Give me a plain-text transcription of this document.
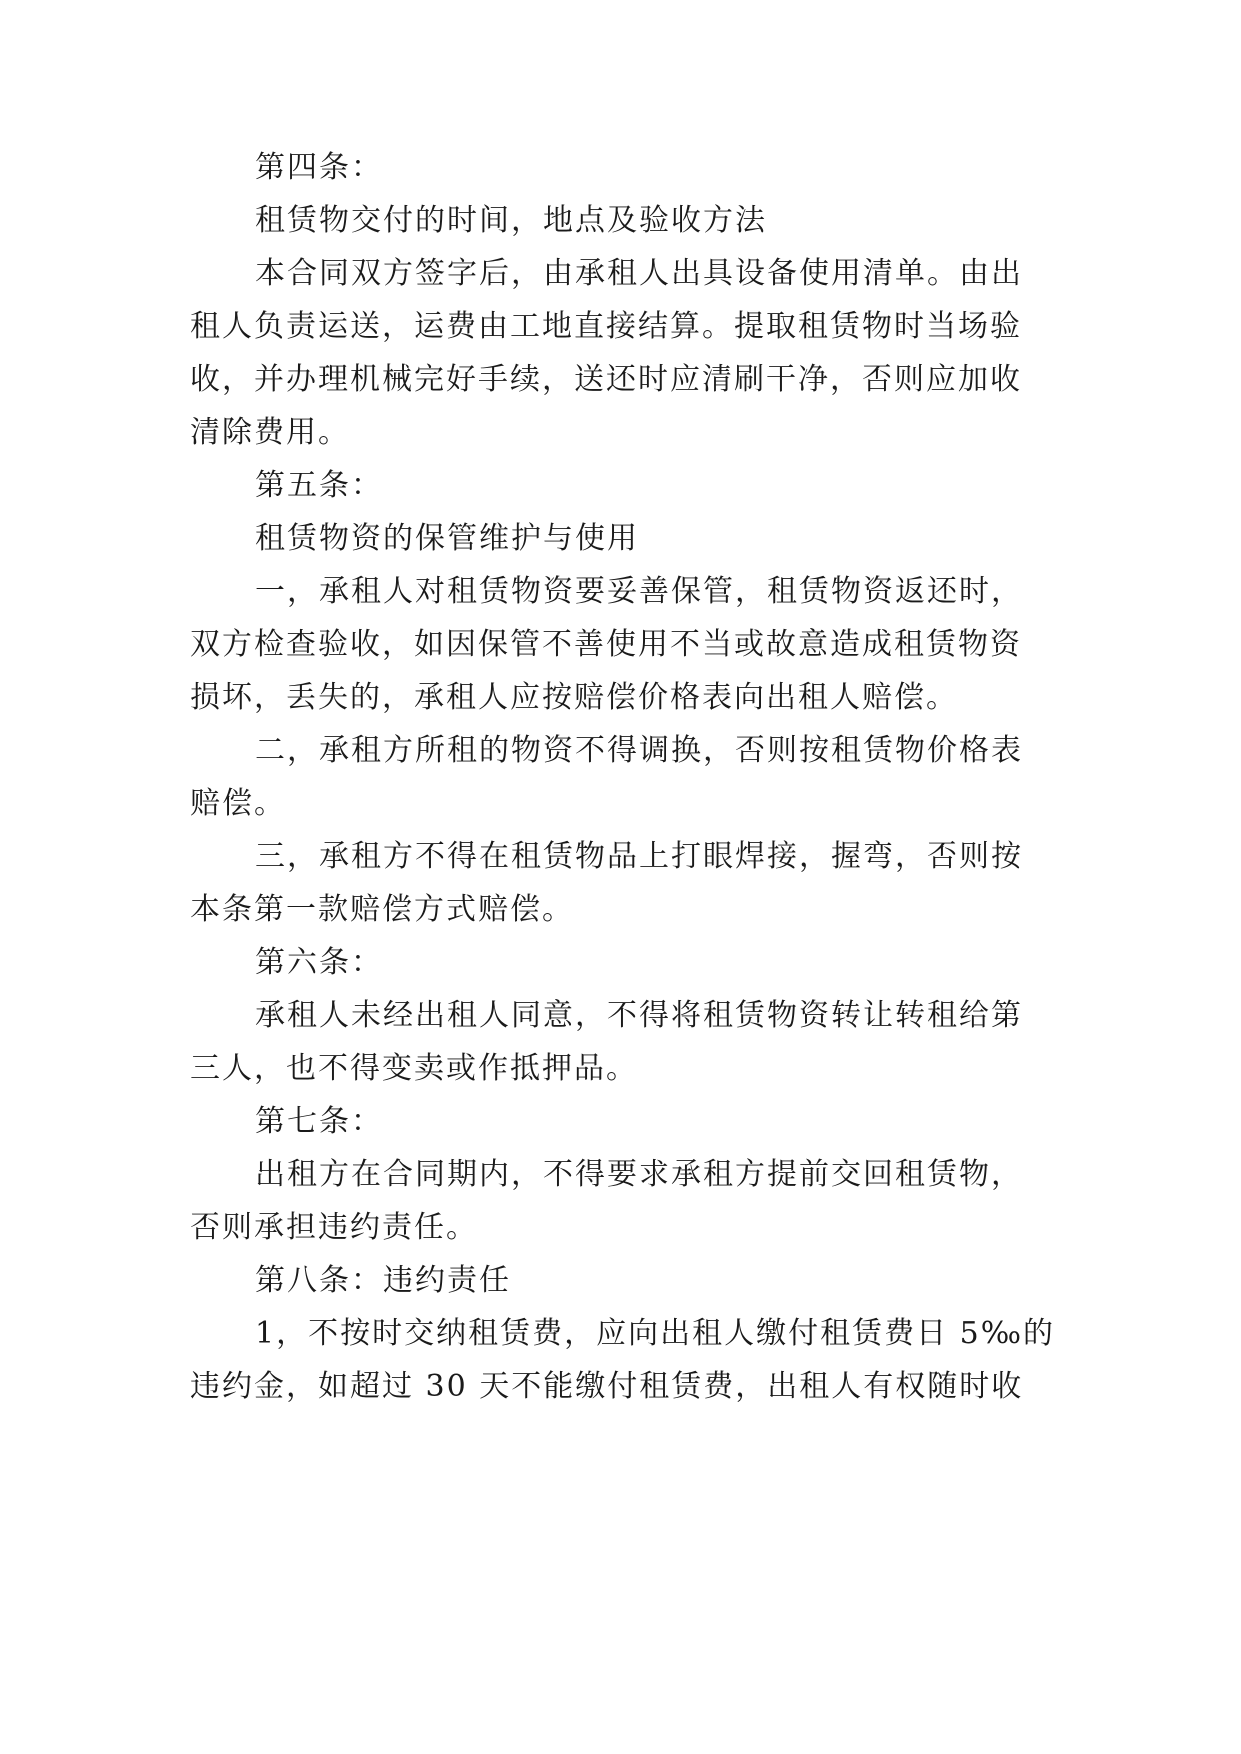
第四条：
租赁物交付的时间，地点及验收方法
本合同双方签字后，由承租人出具设备使用清单。由出
租人负责运送，运费由工地直接结算。提取租赁物时当场验
收，并办理机械完好手续，送还时应清刷干净，否则应加收
清除费用。
第五条：
租赁物资的保管维护与使用
一，承租人对租赁物资要妥善保管，租赁物资返还时，
双方检查验收，如因保管不善使用不当或故意造成租赁物资
损坏，丢失的，承租人应按赔偿价格表向出租人赔偿。
二，承租方所租的物资不得调换，否则按租赁物价格表
赔偿。
三，承租方不得在租赁物品上打眼焊接，握弯，否则按
本条第一款赔偿方式赔偿。
第六条：
承租人未经出租人同意，不得将租赁物资转让转租给第
三人，也不得变卖或作抵押品。
第七条：
出租方在合同期内，不得要求承租方提前交回租赁物，
否则承担违约责任。
第八条：违约责任
1，不按时交纳租赁费，应向出租人缴付租赁费日 5‰的
违约金，如超过 30 天不能缴付租赁费，出租人有权随时收
